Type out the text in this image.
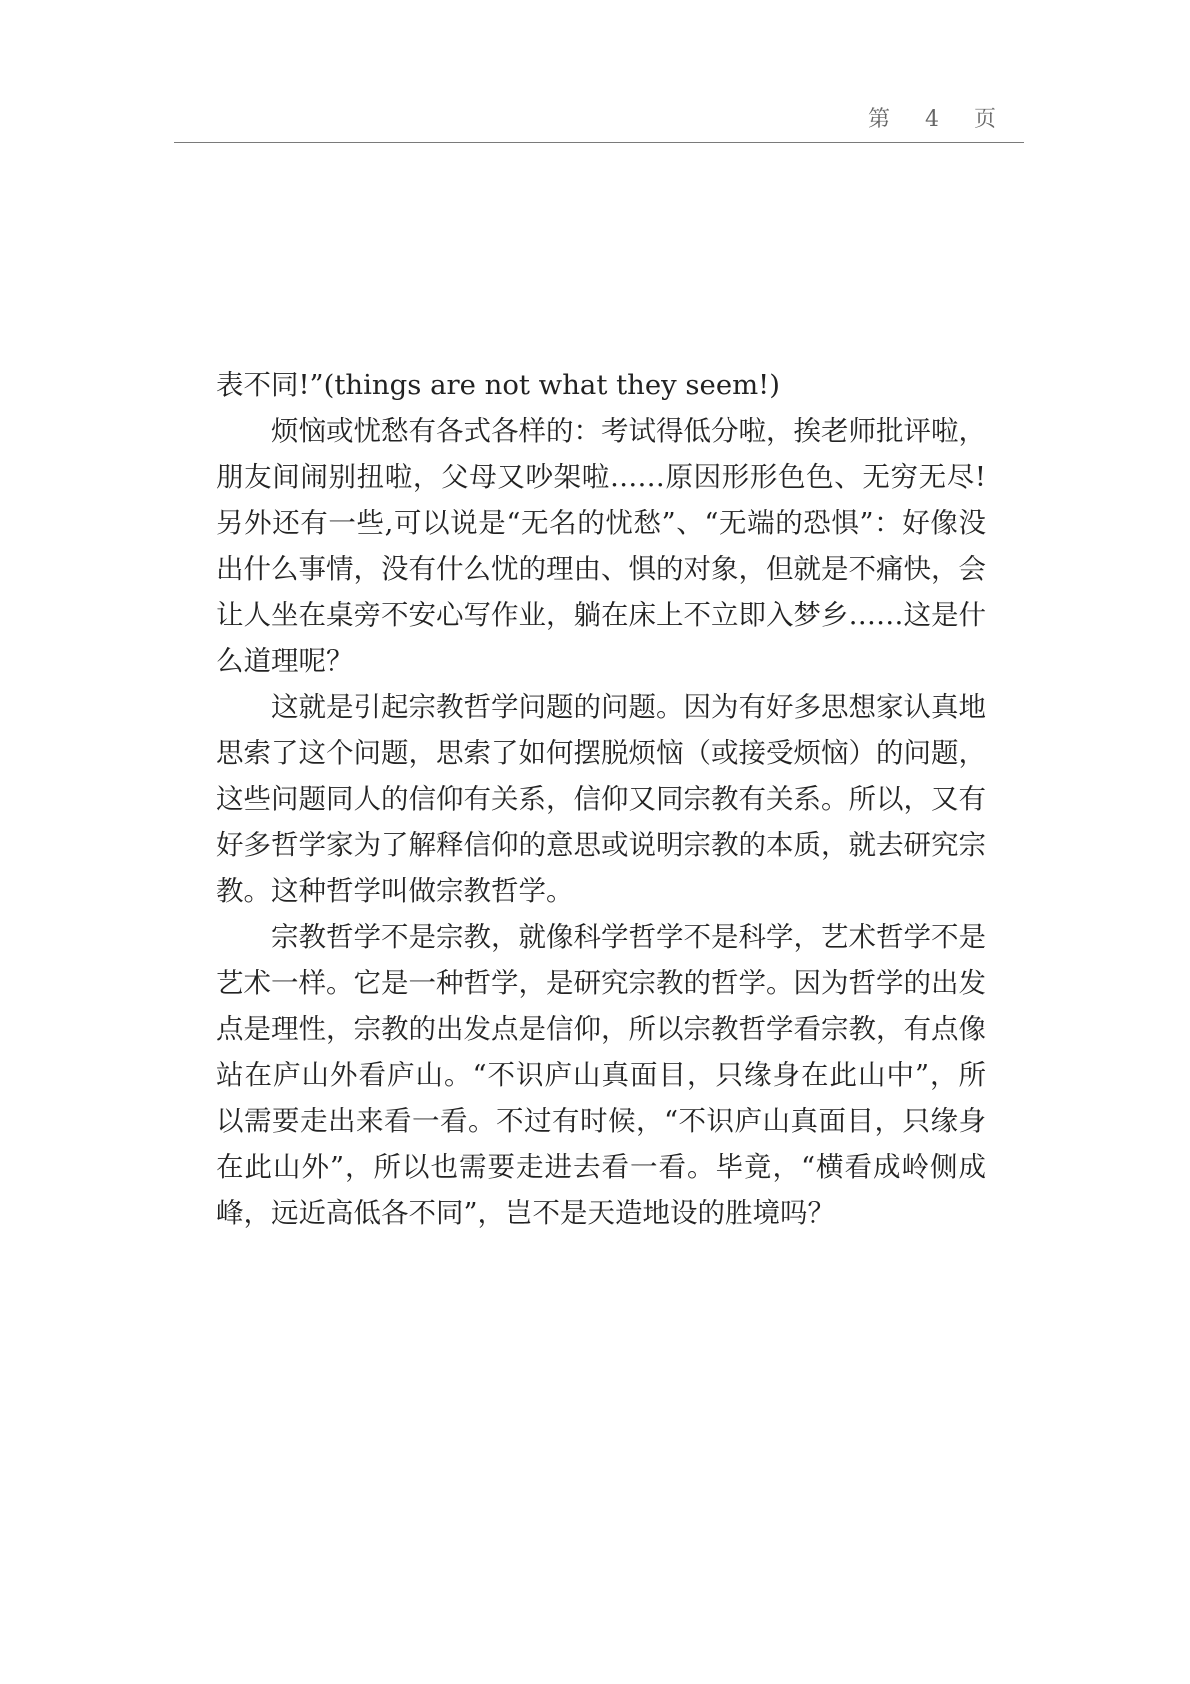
第 4 页

表不同!”(things are not what they seem!)

烦恼或忧愁有各式各样的：考试得低分啦，挨老师批评啦，朋友间闹别扭啦，父母又吵架啦……原因形形色色、无穷无尽!另外还有一些,可以说是“无名的忧愁”、“无端的恐惧”：好像没出什么事情，没有什么忧的理由、惧的对象，但就是不痛快，会让人坐在桌旁不安心写作业，躺在床上不立即入梦乡……这是什么道理呢？

这就是引起宗教哲学问题的问题。因为有好多思想家认真地思索了这个问题，思索了如何摆脱烦恼（或接受烦恼）的问题，这些问题同人的信仰有关系，信仰又同宗教有关系。所以，又有好多哲学家为了解释信仰的意思或说明宗教的本质，就去研究宗教。这种哲学叫做宗教哲学。

宗教哲学不是宗教，就像科学哲学不是科学，艺术哲学不是艺术一样。它是一种哲学，是研究宗教的哲学。因为哲学的出发点是理性，宗教的出发点是信仰，所以宗教哲学看宗教，有点像站在庐山外看庐山。“不识庐山真面目，只缘身在此山中”，所以需要走出来看一看。不过有时候，“不识庐山真面目，只缘身在此山外”，所以也需要走进去看一看。毕竟，“横看成岭侧成峰，远近高低各不同”，岂不是天造地设的胜境吗？
